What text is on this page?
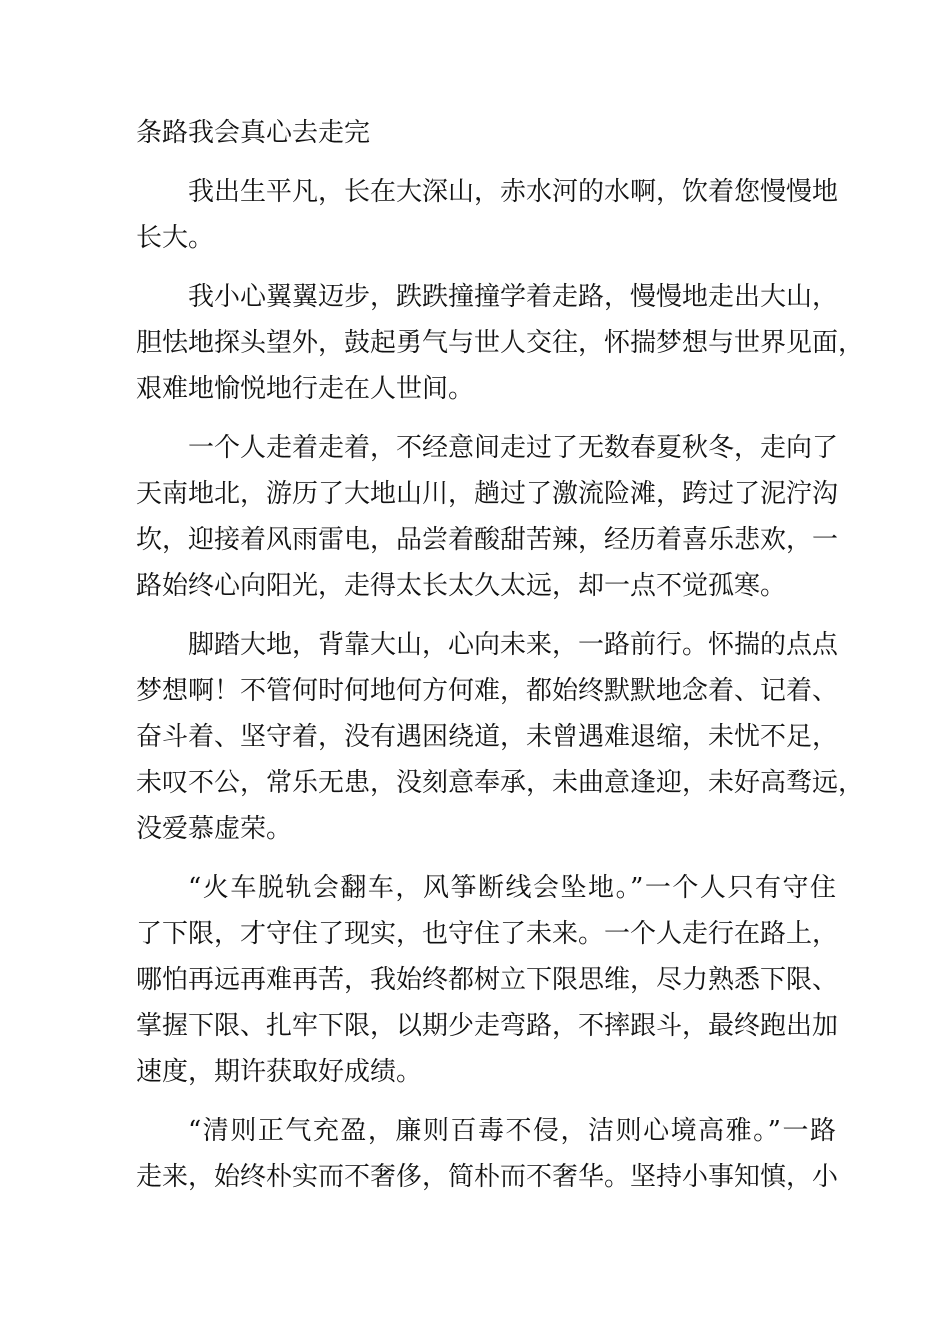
条路我会真心去走完
我出生平凡，长在大深山，赤水河的水啊，饮着您慢慢地
长大。
我小心翼翼迈步，跌跌撞撞学着走路，慢慢地走出大山，
胆怯地探头望外，鼓起勇气与世人交往，怀揣梦想与世界见面，
艰难地愉悦地行走在人世间。
一个人走着走着，不经意间走过了无数春夏秋冬，走向了
天南地北，游历了大地山川，趟过了激流险滩，跨过了泥泞沟
坎，迎接着风雨雷电，品尝着酸甜苦辣，经历着喜乐悲欢，一
路始终心向阳光，走得太长太久太远，却一点不觉孤寒。
脚踏大地，背靠大山，心向未来，一路前行。怀揣的点点
梦想啊！不管何时何地何方何难，都始终默默地念着、记着、
奋斗着、坚守着，没有遇困绕道，未曾遇难退缩，未忧不足，
未叹不公，常乐无患，没刻意奉承，未曲意逢迎，未好高骛远，
没爱慕虚荣。
“火车脱轨会翻车，风筝断线会坠地。”一个人只有守住
了下限，才守住了现实，也守住了未来。一个人走行在路上，
哪怕再远再难再苦，我始终都树立下限思维，尽力熟悉下限、
掌握下限、扎牢下限，以期少走弯路，不摔跟斗，最终跑出加
速度，期许获取好成绩。
“清则正气充盈，廉则百毒不侵，洁则心境高雅。”一路
走来，始终朴实而不奢侈，简朴而不奢华。坚持小事知慎，小
